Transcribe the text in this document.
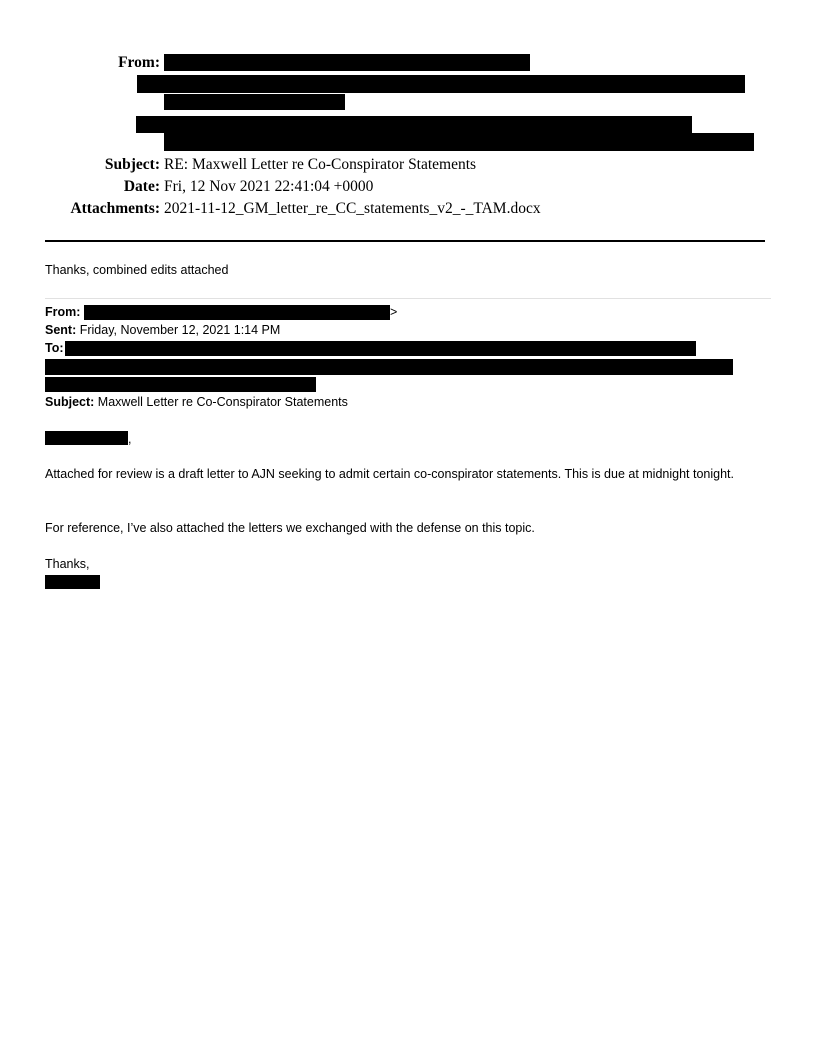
From:
Subject: RE: Maxwell Letter re Co-Conspirator Statements
Date: Fri, 12 Nov 2021 22:41:04 +0000
Attachments: 2021-11-12_GM_letter_re_CC_statements_v2_-_TAM.docx
Thanks, combined edits attached
From:	>
Sent: Friday, November 12, 2021 1:14 PM
To:
Subject: Maxwell Letter re Co-Conspirator Statements
,
Attached for review is a draft letter to AJN seeking to admit certain co-conspirator statements. This is due at midnight tonight.
For reference, I’ve also attached the letters we exchanged with the defense on this topic.
Thanks,
